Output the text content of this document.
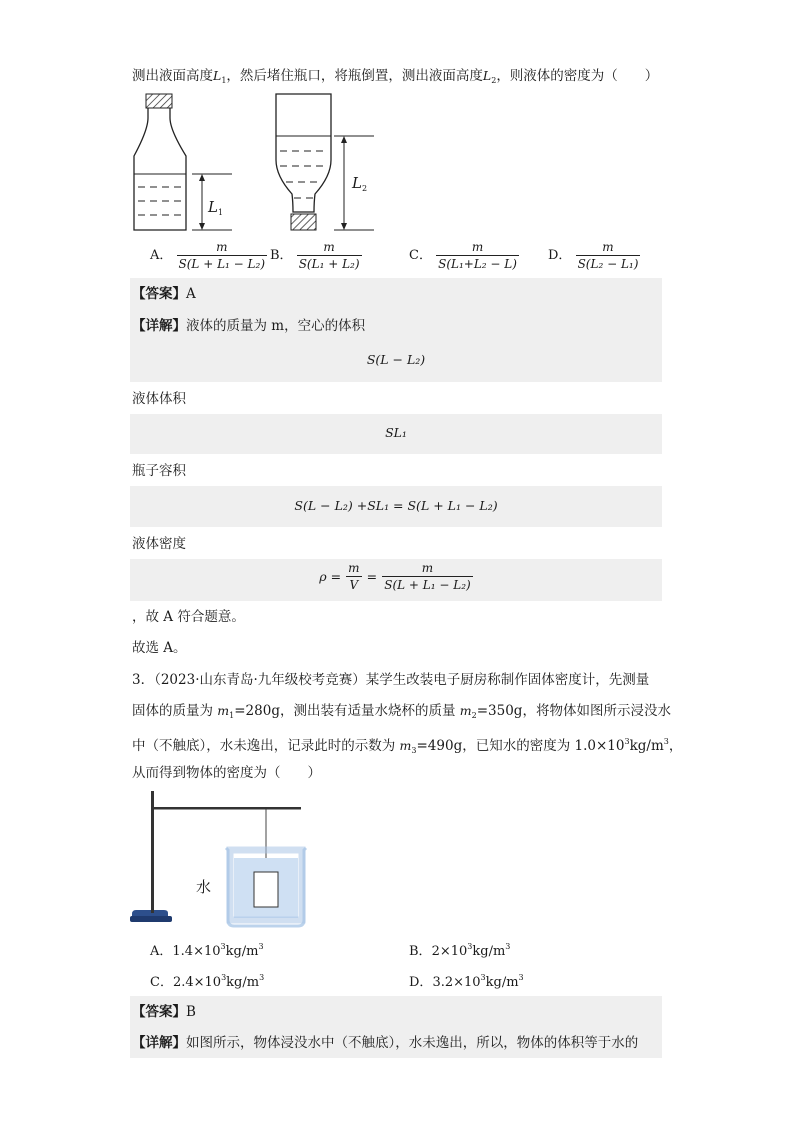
测出液面高度$L_1$，然后堵住瓶口，将瓶倒置，测出液面高度$L_2$，则液体的密度为（　　）
$L_1$
$L_2$
A． $\frac{m}{\text{S(L + L₁ − L₂)}}$ B． $\frac{m}{\text{S(L₁ + L₂)}}$	C． $\frac{m}{\text{S(L₁+L₂ − L)}}$ D． $\frac{m}{\text{S(L₂ − L₁)}}$
【答案】A
【详解】液体的质量为 m，空心的体积
S(L − L₂)
液体体积
SL₁
瓶子容积
S(L − L₂) +SL₁ = S(L + L₁ − L₂)
液体密度
$\rho = \frac{m}{V} = \frac{m}{\text{S(L + L₁ − L₂)}}$
，故 A 符合题意。
故选 A。
3．（2023·山东青岛·九年级校考竞赛）某学生改装电子厨房称制作固体密度计，先测量
固体的质量为 $m_1=280g$，测出装有适量水烧杯的质量 $m_2=350g$，将物体如图所示浸没水
中（不触底），水未逸出，记录此时的示数为 $m_3=490g$，已知水的密度为 $1.0\times 10^3kg/m^3$，
从而得到物体的密度为（　　）
水
A．$1.4\times 10^3kg/m^3$	B．$2\times 10^3kg/m^3$
C．$2.4\times 10^3kg/m^3$	D．$3.2\times 10^3kg/m^3$
【答案】B
【详解】如图所示，物体浸没水中（不触底），水未逸出，所以，物体的体积等于水的
